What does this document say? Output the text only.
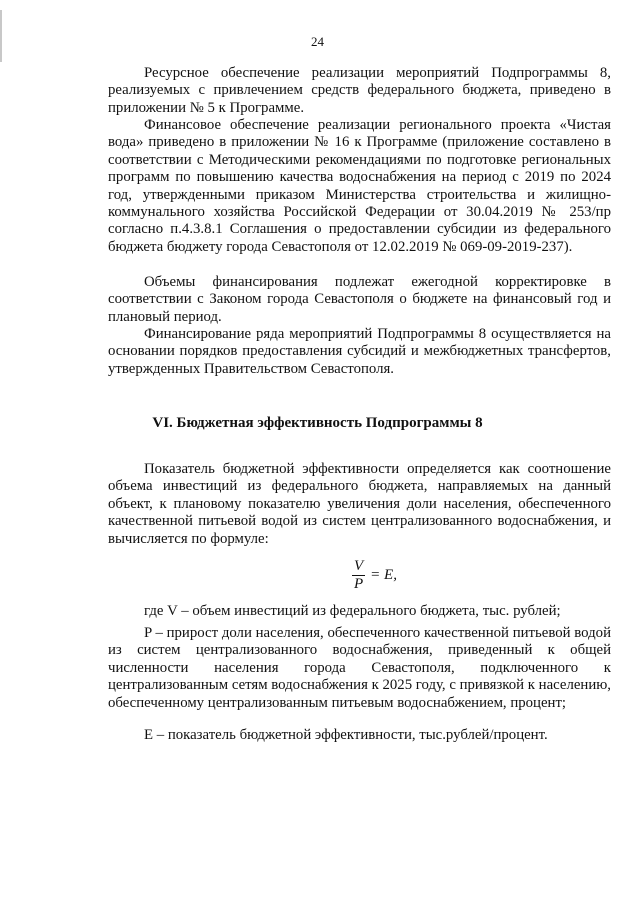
24

Ресурсное обеспечение реализации мероприятий Подпрограммы 8, реализуемых с привлечением средств федерального бюджета, приведено в приложении № 5 к Программе.

Финансовое обеспечение реализации регионального проекта «Чистая вода» приведено в приложении № 16 к Программе (приложение составлено в соответствии с Методическими рекомендациями по подготовке региональных программ по повышению качества водоснабжения на период с 2019 по 2024 год, утвержденными приказом Министерства строительства и жилищно-коммунального хозяйства Российской Федерации от 30.04.2019 № 253/пр согласно п.4.3.8.1 Соглашения о предоставлении субсидии из федерального бюджета бюджету города Севастополя от 12.02.2019 № 069-09-2019-237).

Объемы финансирования подлежат ежегодной корректировке в соответствии с Законом города Севастополя о бюджете на финансовый год и плановый период.

Финансирование ряда мероприятий Подпрограммы 8 осуществляется на основании порядков предоставления субсидий и межбюджетных трансфертов, утвержденных Правительством Севастополя.

VI. Бюджетная эффективность Подпрограммы 8

Показатель бюджетной эффективности определяется как соотношение объема инвестиций из федерального бюджета, направляемых на данный объект, к плановому показателю увеличения доли населения, обеспеченного качественной питьевой водой из систем централизованного водоснабжения, и вычисляется по формуле:

$\frac{V}{P} = E$,

где V – объем инвестиций из федерального бюджета, тыс. рублей;

P – прирост доли населения, обеспеченного качественной питьевой водой из систем централизованного водоснабжения, приведенный к общей численности населения города Севастополя, подключенного к централизованным сетям водоснабжения к 2025 году, с привязкой к населению, обеспеченному централизованным питьевым водоснабжением, процент;

E – показатель бюджетной эффективности, тыс.рублей/процент.
